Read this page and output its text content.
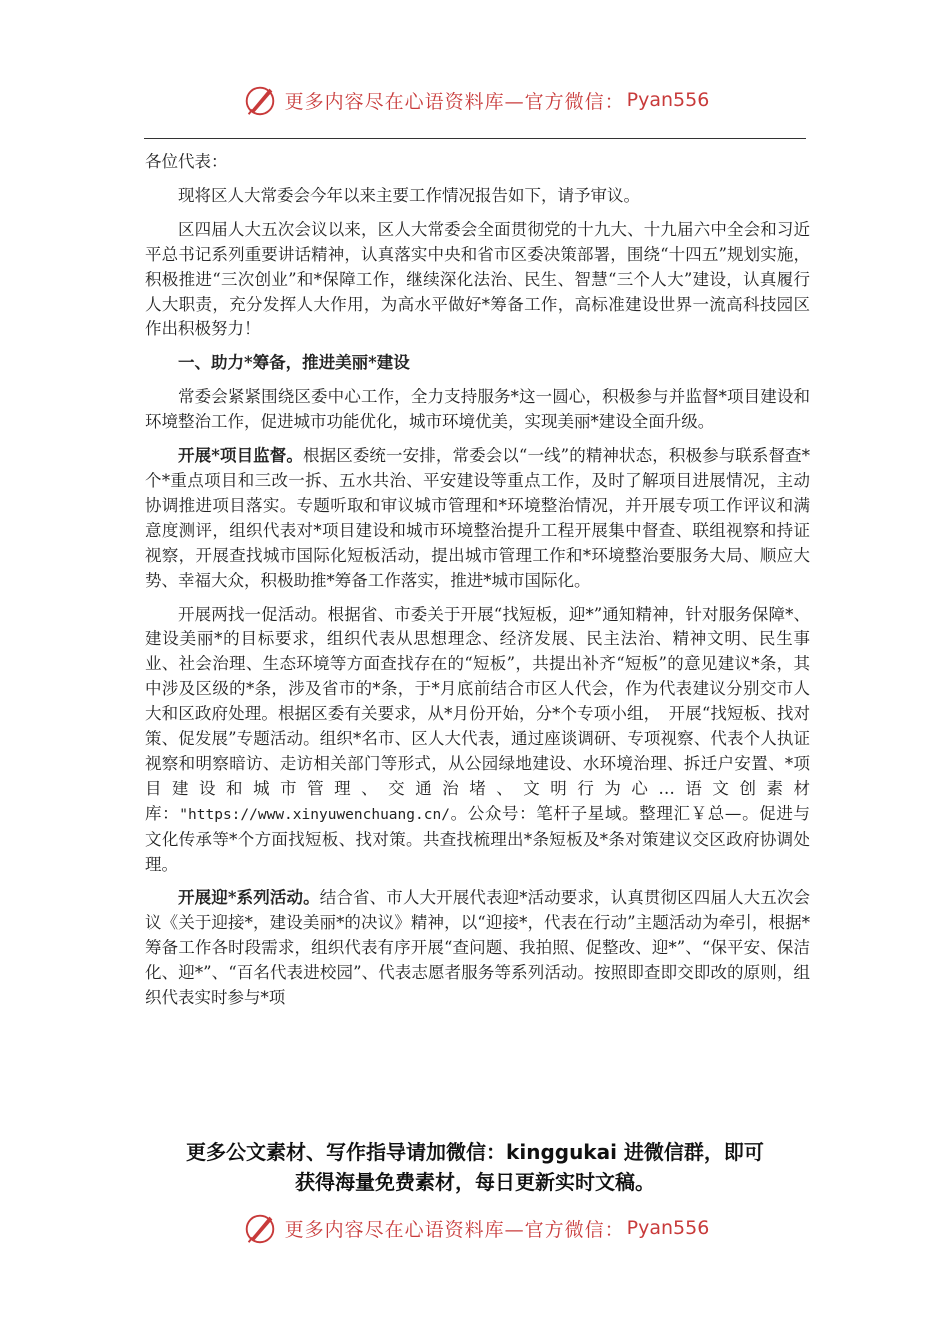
更多内容尽在心语资料库—官方微信： Pyan556

各位代表：

现将区人大常委会今年以来主要工作情况报告如下，请予审议。

区四届人大五次会议以来，区人大常委会全面贯彻党的十九大、十九届六中全会和习近平总书记系列重要讲话精神，认真落实中央和省市区委决策部署，围绕“十四五”规划实施，积极推进“三次创业”和*保障工作，继续深化法治、民生、智慧“三个人大”建设，认真履行人大职责，充分发挥人大作用，为高水平做好*筹备工作，高标准建设世界一流高科技园区作出积极努力！

一、助力*筹备，推进美丽*建设

常委会紧紧围绕区委中心工作，全力支持服务*这一圆心，积极参与并监督*项目建设和环境整治工作，促进城市功能优化，城市环境优美，实现美丽*建设全面升级。

开展*项目监督。根据区委统一安排，常委会以“一线”的精神状态，积极参与联系督查*个*重点项目和三改一拆、五水共治、平安建设等重点工作，及时了解项目进展情况，主动协调推进项目落实。专题听取和审议城市管理和*环境整治情况，并开展专项工作评议和满意度测评，组织代表对*项目建设和城市环境整治提升工程开展集中督查、联组视察和持证视察，开展查找城市国际化短板活动，提出城市管理工作和*环境整治要服务大局、顺应大势、幸福大众，积极助推*筹备工作落实，推进*城市国际化。

开展两找一促活动。根据省、市委关于开展“找短板，迎*”通知精神，针对服务保障*、建设美丽*的目标要求，组织代表从思想理念、经济发展、民主法治、精神文明、民生事业、社会治理、生态环境等方面查找存在的“短板”，共提出补齐“短板”的意见建议*条，其中涉及区级的*条，涉及省市的*条，于*月底前结合市区人代会，作为代表建议分别交市人大和区政府处理。根据区委有关要求，从*月份开始，分*个专项小组，　开展“找短板、找对策、促发展”专题活动。组织*名市、区人大代表，通过座谈调研、专项视察、代表个人执证视察和明察暗访、走访相关部门等形式，从公园绿地建设、水环境治理、拆迁户安置、*项目建设和城市管理、交通治堵、文明行为心…语文创素材库："https://www.xinyuwenchuang.cn/。公众号：笔杆子星域。整理汇￥总—。促进与文化传承等*个方面找短板、找对策。共查找梳理出*条短板及*条对策建议交区政府协调处理。

开展迎*系列活动。结合省、市人大开展代表迎*活动要求，认真贯彻区四届人大五次会议《关于迎接*，建设美丽*的决议》精神，以“迎接*，代表在行动”主题活动为牵引，根据*筹备工作各时段需求，组织代表有序开展“查问题、我拍照、促整改、迎*”、“保平安、保洁化、迎*”、“百名代表进校园”、代表志愿者服务等系列活动。按照即查即交即改的原则，组织代表实时参与*项

更多公文素材、写作指导请加微信：kinggukai 进微信群，即可
获得海量免费素材，每日更新实时文稿。
更多内容尽在心语资料库—官方微信： Pyan556
